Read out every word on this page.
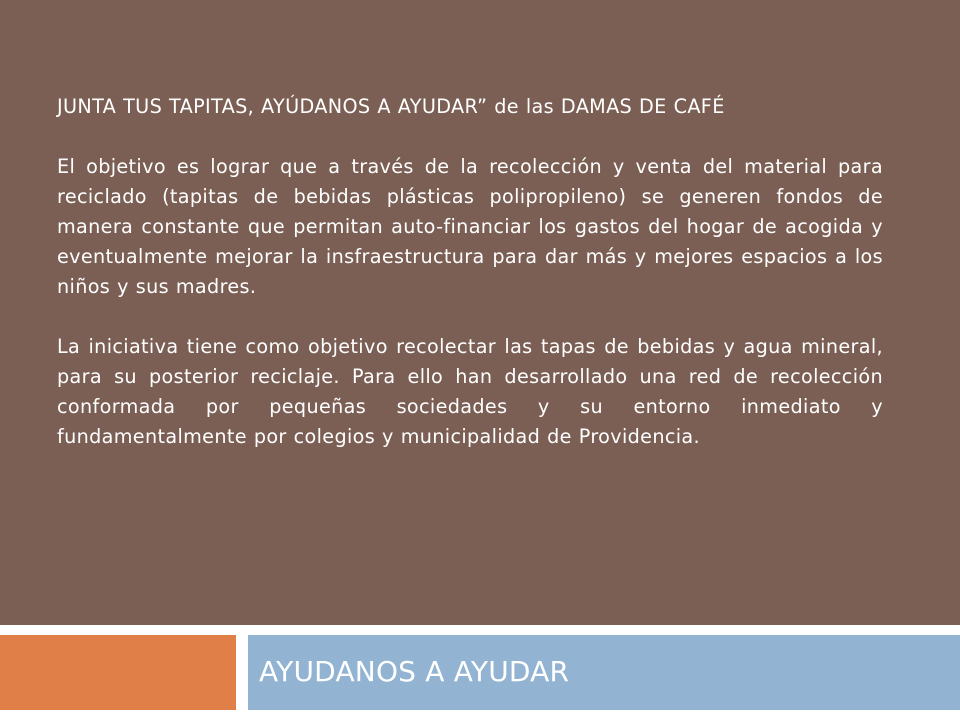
JUNTA TUS TAPITAS, AYÚDANOS A AYUDAR” de las DAMAS DE CAFÉ

El objetivo es lograr que a través de la recolección y venta del material para reciclado (tapitas de bebidas plásticas polipropileno) se generen fondos de manera constante que permitan auto-financiar los gastos del hogar de acogida y eventualmente mejorar la insfraestructura para dar más y mejores espacios a los niños y sus madres.

La iniciativa tiene como objetivo recolectar las tapas de bebidas y agua mineral, para su posterior reciclaje. Para ello han desarrollado una red de recolección conformada por pequeñas sociedades y su entorno inmediato y fundamentalmente por colegios y municipalidad de Providencia.

AYUDANOS A AYUDAR
